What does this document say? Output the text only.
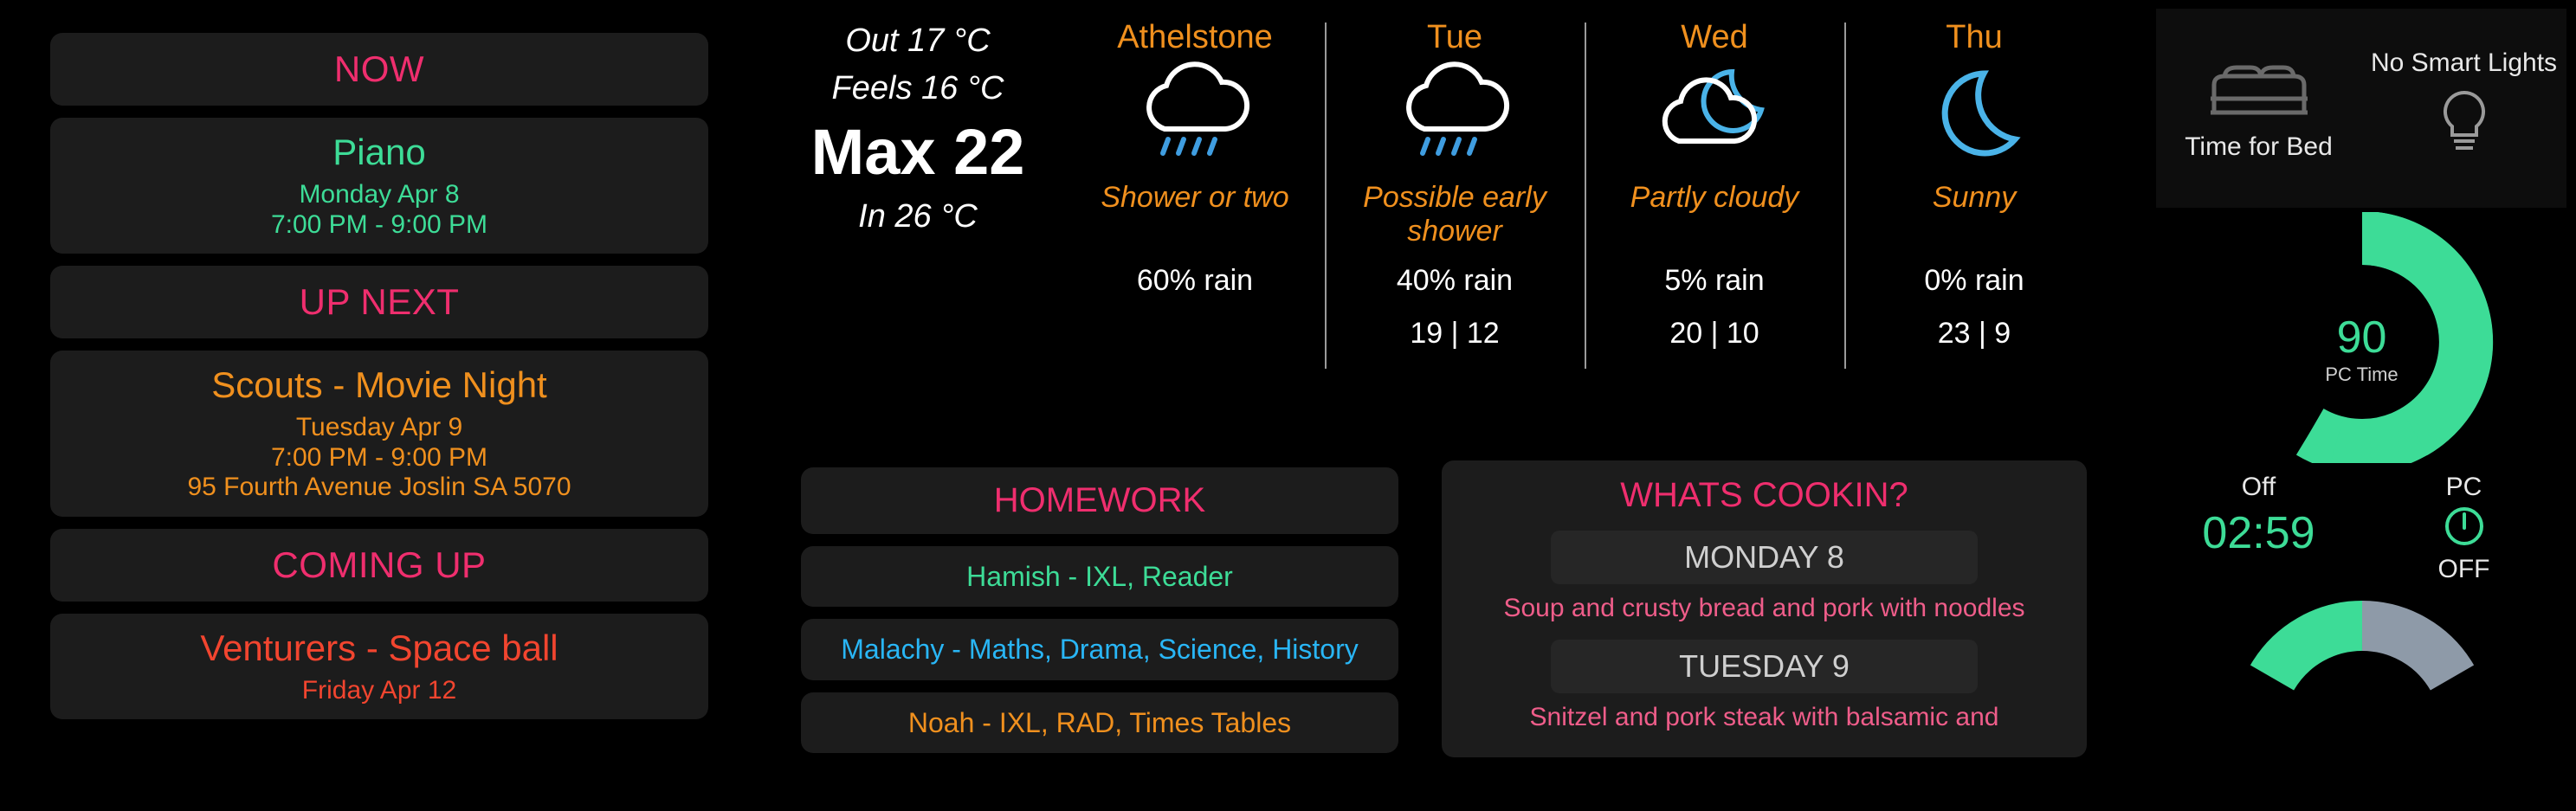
NOW
Piano
Monday Apr 8
7:00 PM - 9:00 PM
UP NEXT
Scouts - Movie Night
Tuesday Apr 9
7:00 PM - 9:00 PM
95 Fourth Avenue Joslin SA 5070
COMING UP
Venturers - Space ball
Friday Apr 12
Out 17 °C
Feels 16 °C
Max 22
In 26 °C
Athelstone
Shower or two
60% rain
Tue
Possible early shower
40% rain
19 | 12
Wed
Partly cloudy
5% rain
20 | 10
Thu
Sunny
0% rain
23 | 9
HOMEWORK
Hamish - IXL, Reader
Malachy - Maths, Drama, Science, History
Noah - IXL, RAD, Times Tables
WHATS COOKIN?
MONDAY 8
Soup and crusty bread and pork with noodles
TUESDAY 9
Snitzel and pork steak with balsamic and
Time for Bed
No Smart Lights
90
PC Time
Off
02:59
PC
OFF
